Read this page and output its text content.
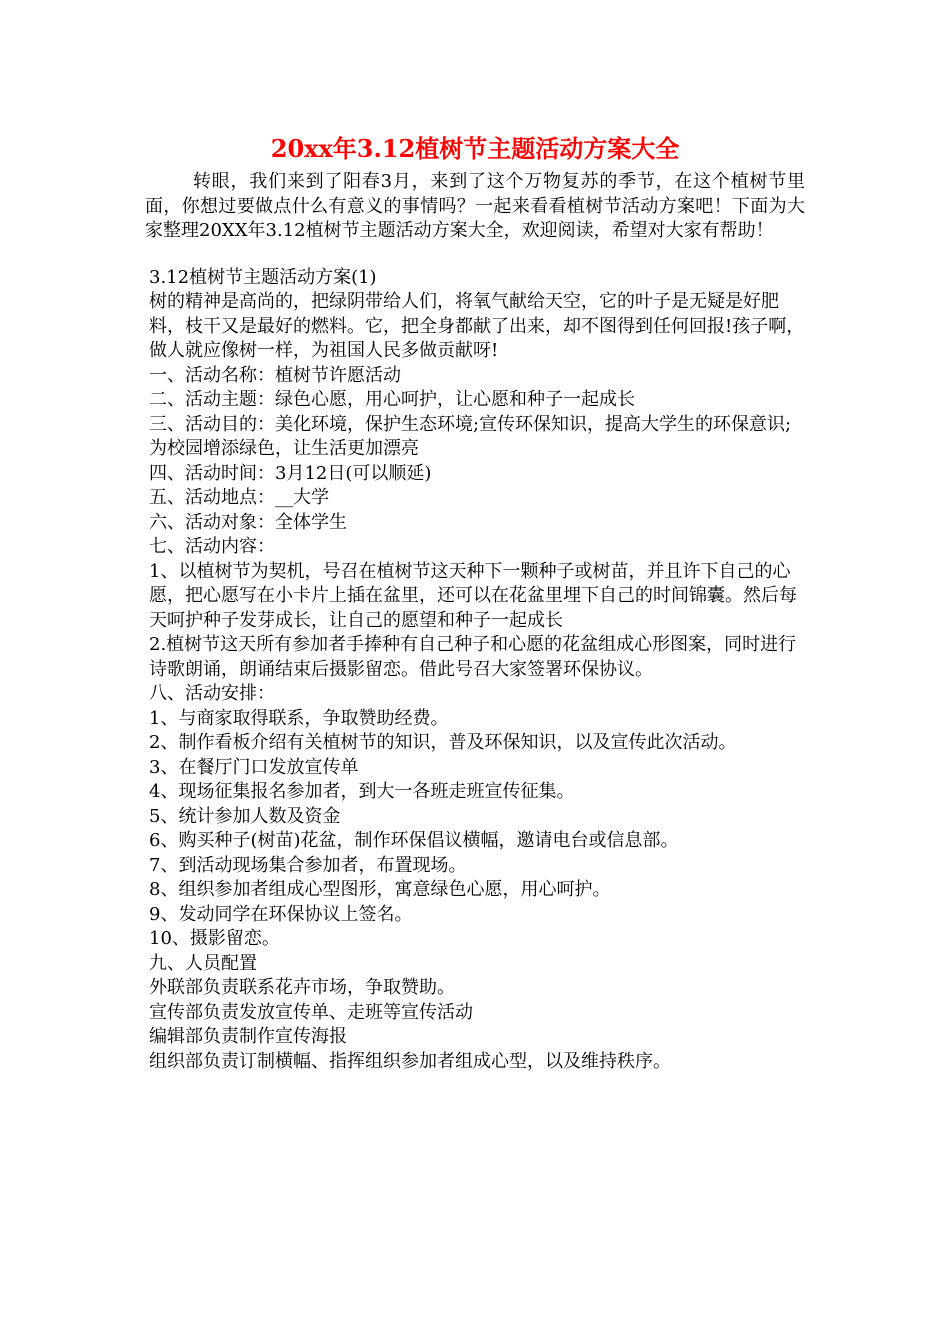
20xx年3.12植树节主题活动方案大全

转眼，我们来到了阳春3月，来到了这个万物复苏的季节，在这个植树节里面，你想过要做点什么有意义的事情吗？一起来看看植树节活动方案吧！下面为大家整理20XX年3.12植树节主题活动方案大全，欢迎阅读，希望对大家有帮助！

3.12植树节主题活动方案(1)

树的精神是高尚的，把绿阴带给人们，将氧气献给天空，它的叶子是无疑是好肥料，枝干又是最好的燃料。它，把全身都献了出来，却不图得到任何回报!孩子啊，做人就应像树一样，为祖国人民多做贡献呀!

一、活动名称：植树节许愿活动

二、活动主题：绿色心愿，用心呵护，让心愿和种子一起成长

三、活动目的：美化环境，保护生态环境;宣传环保知识，提高大学生的环保意识;为校园增添绿色，让生活更加漂亮

四、活动时间：3月12日(可以顺延)

五、活动地点：__大学

六、活动对象：全体学生

七、活动内容：

1、以植树节为契机，号召在植树节这天种下一颗种子或树苗，并且许下自己的心愿，把心愿写在小卡片上插在盆里，还可以在花盆里埋下自己的时间锦囊。然后每天呵护种子发芽成长，让自己的愿望和种子一起成长

2.植树节这天所有参加者手捧种有自己种子和心愿的花盆组成心形图案，同时进行诗歌朗诵，朗诵结束后摄影留恋。借此号召大家签署环保协议。

八、活动安排：

1、与商家取得联系，争取赞助经费。

2、制作看板介绍有关植树节的知识，普及环保知识，以及宣传此次活动。

3、在餐厅门口发放宣传单

4、现场征集报名参加者，到大一各班走班宣传征集。

5、统计参加人数及资金

6、购买种子(树苗)花盆，制作环保倡议横幅，邀请电台或信息部。

7、到活动现场集合参加者，布置现场。

8、组织参加者组成心型图形，寓意绿色心愿，用心呵护。

9、发动同学在环保协议上签名。

10、摄影留恋。

九、人员配置

外联部负责联系花卉市场，争取赞助。

宣传部负责发放宣传单、走班等宣传活动

编辑部负责制作宣传海报

组织部负责订制横幅、指挥组织参加者组成心型，以及维持秩序。
